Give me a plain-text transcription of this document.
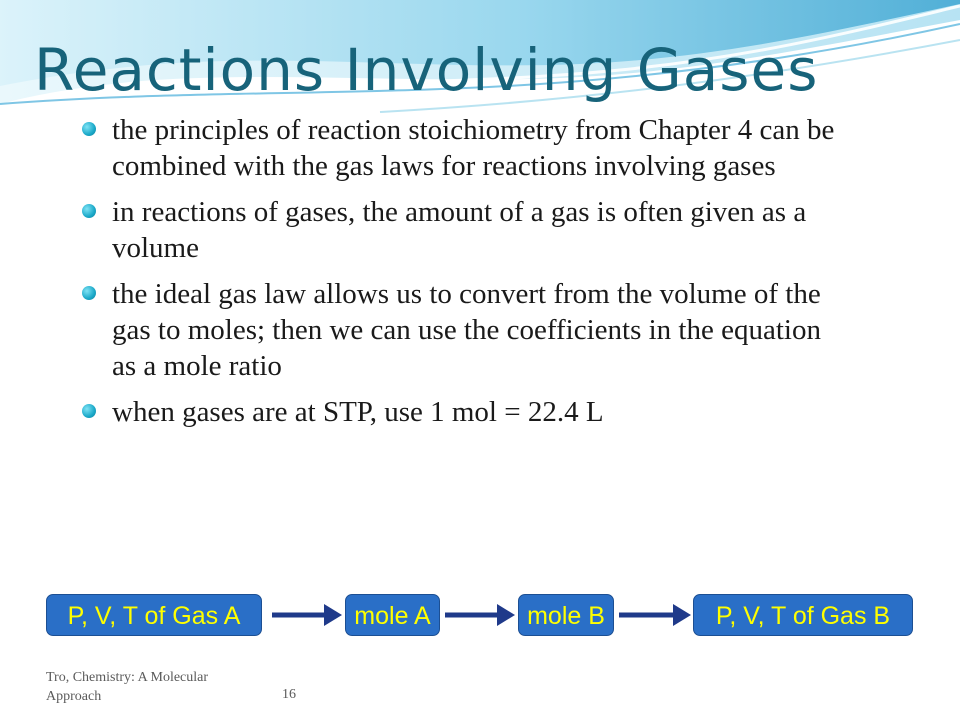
Reactions Involving Gases
the principles of reaction stoichiometry from Chapter 4 can be combined with the gas laws for reactions involving gases
in reactions of gases, the amount of a gas is often given as a volume
the ideal gas law allows us to convert from the volume of the gas to moles; then we can use the coefficients in the equation as a mole ratio
when gases are at STP, use 1 mol = 22.4 L
P, V, T of Gas A	mole A	mole B	P, V, T of Gas B
Tro, Chemistry: A Molecular Approach	16
